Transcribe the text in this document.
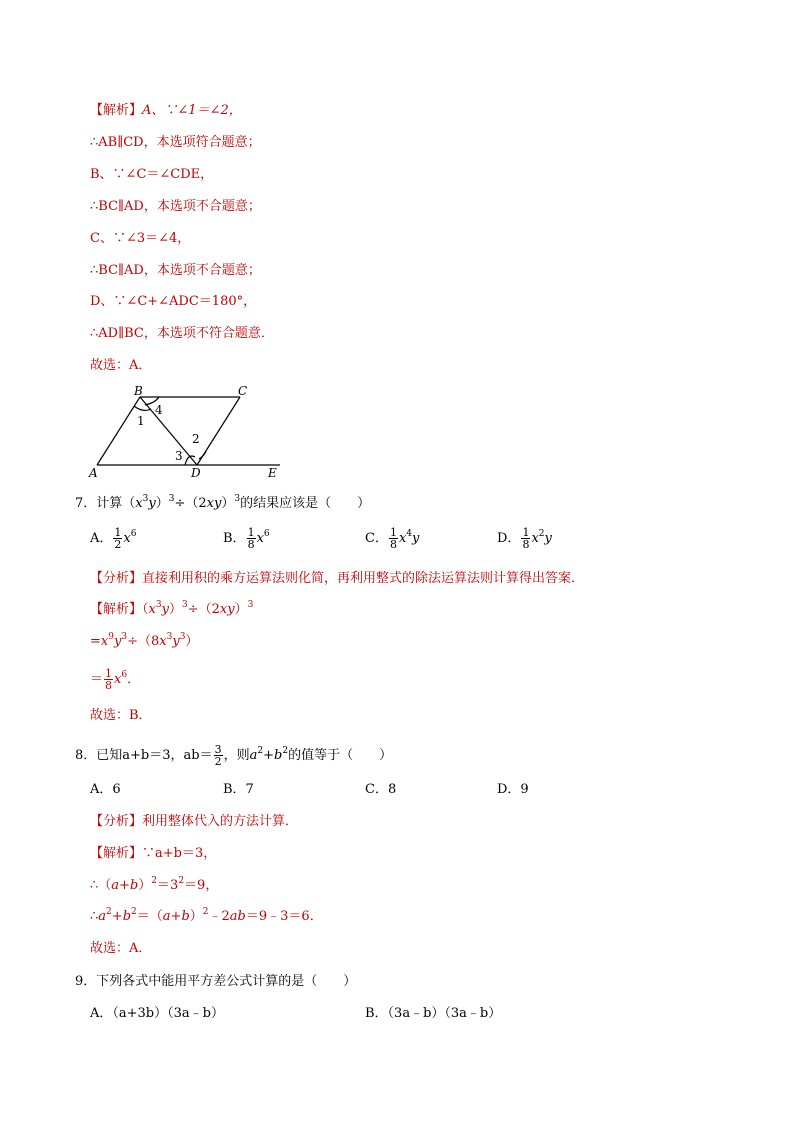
【解析】A、∵∠1＝∠2，
∴AB∥CD，本选项符合题意；
B、∵∠C＝∠CDE，
∴BC∥AD，本选项不合题意；
C、∵∠3＝∠4，
∴BC∥AD，本选项不合题意；
D、∵∠C+∠ADC＝180°，
∴AD∥BC，本选项不符合题意．
故选：A．
A
B	C
D	E
1
2
3
4
7．计算$(x^3y)^3\div(2xy)^3$的结果应该是（　　）
A． $\frac{1}{2} x^6$	B． $\frac{1}{8} x^6$	C． $\frac{1}{8} x^4y$	D． $\frac{1}{8} x^2y$
【分析】直接利用积的乘方运算法则化简，再利用整式的除法运算法则计算得出答案．
【解析】$(x^3y)^3\div(2xy)^3$
$=x^9y^3\div(8x^3y^3)$
＝ $\frac{1}{8} x^6$．
故选：B．
8．已知a+b＝3，$ab= \frac{3}{2}$ ，则$a^2+b^2$的值等于（　　）
A．6	B．7	C．8	D．9
【分析】利用整体代入的方法计算．
【解析】∵a+b＝3，
$\therefore(a+b)^2=3^2=9$，
$\therefore a^2+b^2=(a+b)^2﹣2ab=9﹣3=6$．
故选：A．
9．下列各式中能用平方差公式计算的是（　　）
A．（a+3b）（3a﹣b）	B．（3a﹣b）（3a﹣b）
